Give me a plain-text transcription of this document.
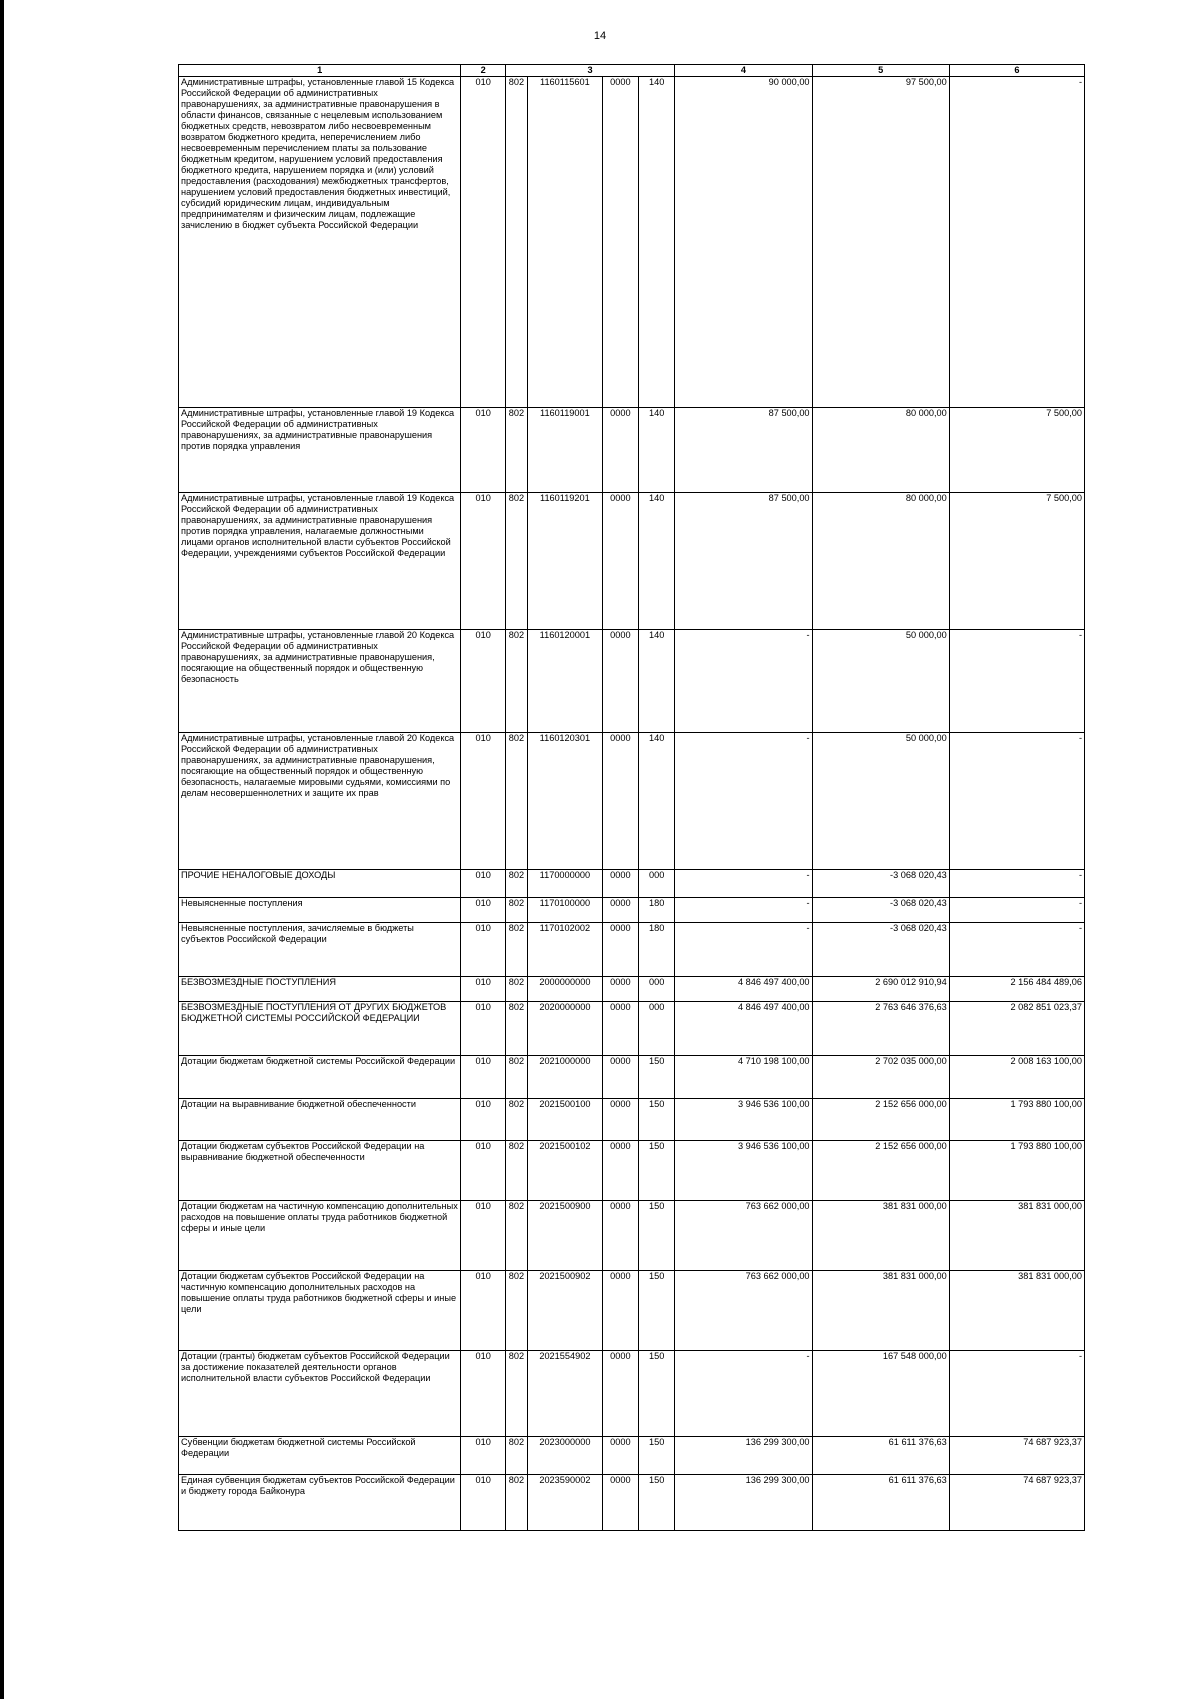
14
1	2	3				4	5	6
Административные штрафы, установленные главой 15 Кодекса Российской Федерации об административных правонарушениях, за административные правонарушения в области финансов, связанные с нецелевым использованием бюджетных средств, невозвратом либо несвоевременным возвратом бюджетного кредита, неперечислением либо несвоевременным перечислением платы за пользование бюджетным кредитом, нарушением условий предоставления бюджетного кредита, нарушением порядка и (или) условий предоставления (расходования) межбюджетных трансфертов, нарушением условий предоставления бюджетных инвестиций, субсидий юридическим лицам, индивидуальным предпринимателям и физическим лицам, подлежащие зачислению в бюджет субъекта Российской Федерации	010	802	1160115601	0000	140	90 000,00	97 500,00	-
Административные штрафы, установленные главой 19 Кодекса Российской Федерации об административных правонарушениях, за административные правонарушения против порядка управления	010	802	1160119001	0000	140	87 500,00	80 000,00	7 500,00
Административные штрафы, установленные главой 19 Кодекса Российской Федерации об административных правонарушениях, за административные правонарушения против порядка управления, налагаемые должностными лицами органов исполнительной власти субъектов Российской Федерации, учреждениями субъектов Российской Федерации	010	802	1160119201	0000	140	87 500,00	80 000,00	7 500,00
Административные штрафы, установленные главой 20 Кодекса Российской Федерации об административных правонарушениях, за административные правонарушения, посягающие на общественный порядок и общественную безопасность	010	802	1160120001	0000	140	-	50 000,00	-
Административные штрафы, установленные главой 20 Кодекса Российской Федерации об административных правонарушениях, за административные правонарушения, посягающие на общественный порядок и общественную безопасность, налагаемые мировыми судьями, комиссиями по делам несовершеннолетних и защите их прав	010	802	1160120301	0000	140	-	50 000,00	-
ПРОЧИЕ НЕНАЛОГОВЫЕ ДОХОДЫ	010	802	1170000000	0000	000	-	-3 068 020,43	-
Невыясненные поступления	010	802	1170100000	0000	180	-	-3 068 020,43	-
Невыясненные поступления, зачисляемые в бюджеты субъектов Российской Федерации	010	802	1170102002	0000	180	-	-3 068 020,43	-
БЕЗВОЗМЕЗДНЫЕ ПОСТУПЛЕНИЯ	010	802	2000000000	0000	000	4 846 497 400,00	2 690 012 910,94	2 156 484 489,06
БЕЗВОЗМЕЗДНЫЕ ПОСТУПЛЕНИЯ ОТ ДРУГИХ БЮДЖЕТОВ БЮДЖЕТНОЙ СИСТЕМЫ РОССИЙСКОЙ ФЕДЕРАЦИИ	010	802	2020000000	0000	000	4 846 497 400,00	2 763 646 376,63	2 082 851 023,37
Дотации бюджетам бюджетной системы Российской Федерации	010	802	2021000000	0000	150	4 710 198 100,00	2 702 035 000,00	2 008 163 100,00
Дотации на выравнивание бюджетной обеспеченности	010	802	2021500100	0000	150	3 946 536 100,00	2 152 656 000,00	1 793 880 100,00
Дотации бюджетам субъектов Российской Федерации на выравнивание бюджетной обеспеченности	010	802	2021500102	0000	150	3 946 536 100,00	2 152 656 000,00	1 793 880 100,00
Дотации бюджетам на частичную компенсацию дополнительных расходов на повышение оплаты труда работников бюджетной сферы и иные цели	010	802	2021500900	0000	150	763 662 000,00	381 831 000,00	381 831 000,00
Дотации бюджетам субъектов Российской Федерации на частичную компенсацию дополнительных расходов на повышение оплаты труда работников бюджетной сферы и иные цели	010	802	2021500902	0000	150	763 662 000,00	381 831 000,00	381 831 000,00
Дотации (гранты) бюджетам субъектов Российской Федерации за достижение показателей деятельности органов исполнительной власти субъектов Российской Федерации	010	802	2021554902	0000	150	-	167 548 000,00	-
Субвенции бюджетам бюджетной системы Российской Федерации	010	802	2023000000	0000	150	136 299 300,00	61 611 376,63	74 687 923,37
Единая субвенция бюджетам субъектов Российской Федерации и бюджету города Байконура	010	802	2023590002	0000	150	136 299 300,00	61 611 376,63	74 687 923,37
